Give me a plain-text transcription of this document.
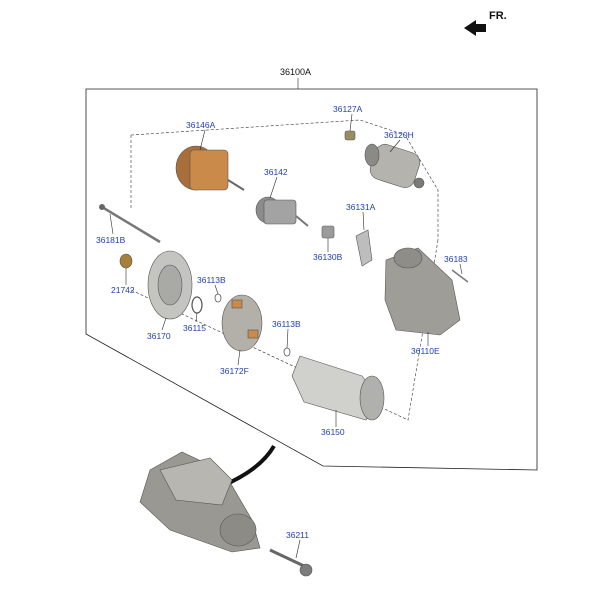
FR.
36100A
36127A
36120H
36146A
36142
36131A
36181B
36130B	36183
36113B
21742
36115
36170
36113B
36172F
36110E
36150
36211
